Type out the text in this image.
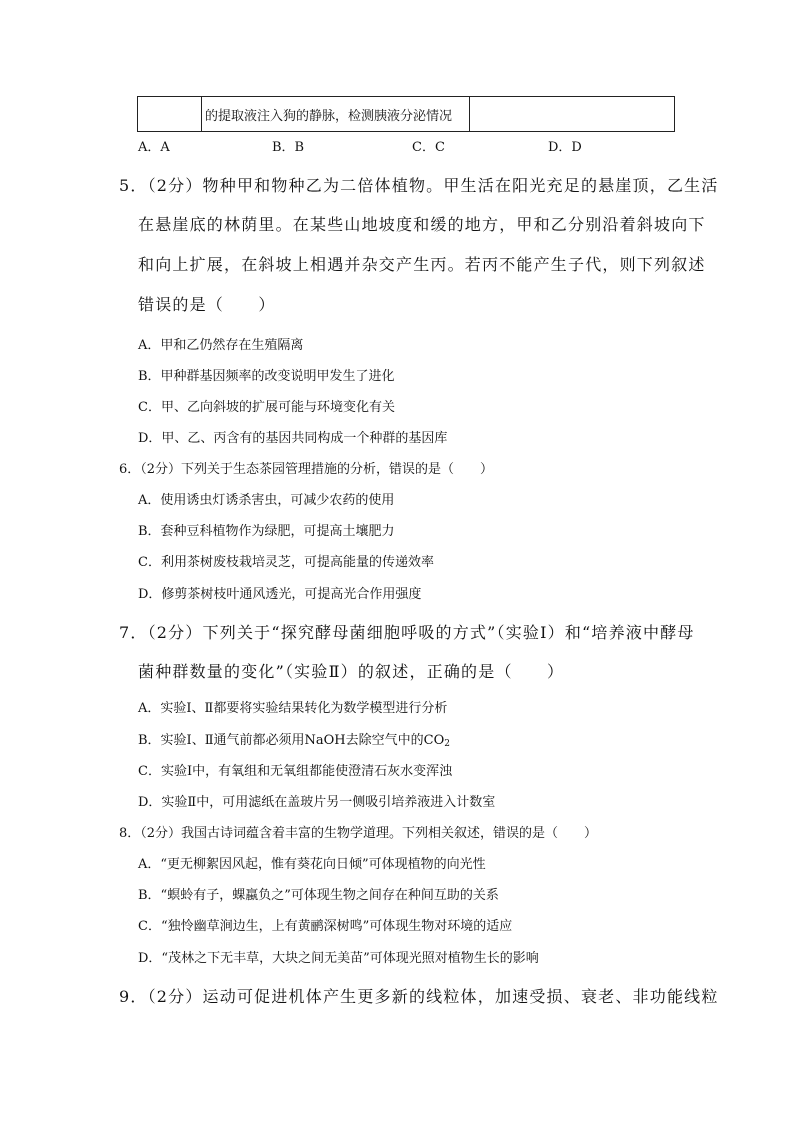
	的提取液注入狗的静脉，检测胰液分泌情况	
A．A	B．B	C．C	D．D
5．（2分）物种甲和物种乙为二倍体植物。甲生活在阳光充足的悬崖顶，乙生活
在悬崖底的林荫里。在某些山地坡度和缓的地方，甲和乙分别沿着斜坡向下
和向上扩展，在斜坡上相遇并杂交产生丙。若丙不能产生子代，则下列叙述
错误的是（　　）
A．甲和乙仍然存在生殖隔离
B．甲种群基因频率的改变说明甲发生了进化
C．甲、乙向斜坡的扩展可能与环境变化有关
D．甲、乙、丙含有的基因共同构成一个种群的基因库
6．（2分）下列关于生态茶园管理措施的分析，错误的是（　　）
A．使用诱虫灯诱杀害虫，可减少农药的使用
B．套种豆科植物作为绿肥，可提高土壤肥力
C．利用茶树废枝栽培灵芝，可提高能量的传递效率
D．修剪茶树枝叶通风透光，可提高光合作用强度
7．（2分）下列关于“探究酵母菌细胞呼吸的方式”（实验Ⅰ）和“培养液中酵母
菌种群数量的变化”（实验Ⅱ）的叙述，正确的是（　　）
A．实验Ⅰ、Ⅱ都要将实验结果转化为数学模型进行分析
B．实验Ⅰ、Ⅱ通气前都必须用NaOH去除空气中的$CO_2$
C．实验Ⅰ中，有氧组和无氧组都能使澄清石灰水变浑浊
D．实验Ⅱ中，可用滤纸在盖玻片另一侧吸引培养液进入计数室
8．（2分）我国古诗词蕴含着丰富的生物学道理。下列相关叙述，错误的是（　　）
A．“更无柳絮因风起，惟有葵花向日倾”可体现植物的向光性
B．“螟蛉有子，蜾蠃负之”可体现生物之间存在种间互助的关系
C．“独怜幽草涧边生，上有黄鹂深树鸣”可体现生物对环境的适应
D．“茂林之下无丰草，大块之间无美苗”可体现光照对植物生长的影响
9．（2分）运动可促进机体产生更多新的线粒体，加速受损、衰老、非功能线粒
